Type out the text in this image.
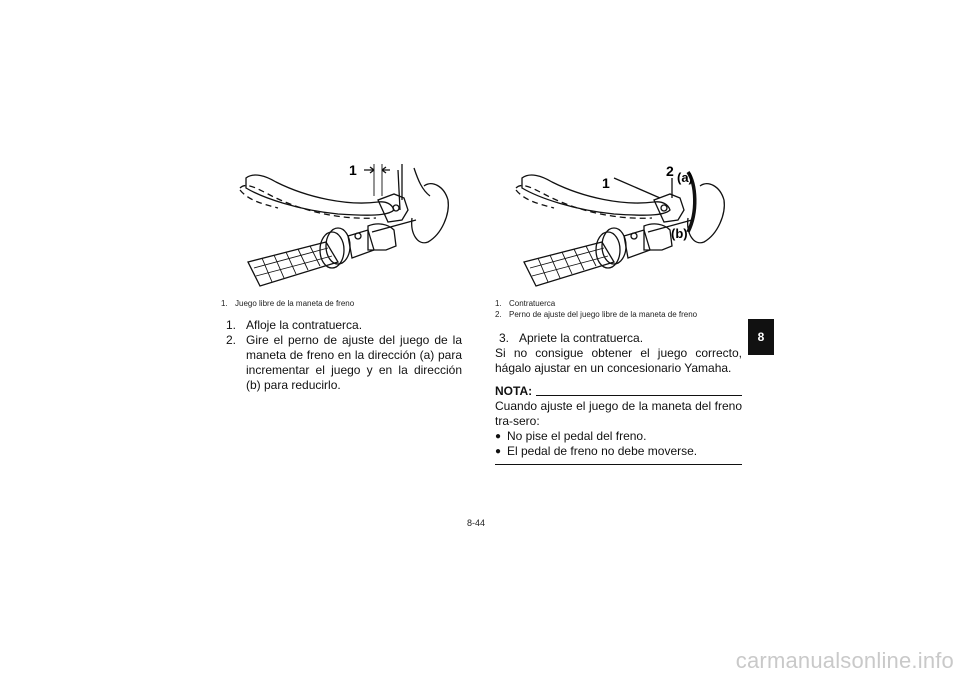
1
1. Juego libre de la maneta de freno
1. Afloje la contratuerca.
2. Gire el perno de ajuste del juego de la maneta de freno en la dirección (a) para incrementar el juego y en la dirección (b) para reducirlo.
1
2 (a)
(b)
1. Contratuerca
2. Perno de ajuste del juego libre de la maneta de freno
3. Apriete la contratuerca.
Si no consigue obtener el juego correcto, hágalo ajustar en un concesionario Yamaha.
NOTA:
Cuando ajuste el juego de la maneta del freno tra-sero:
● No pise el pedal del freno.
● El pedal de freno no debe moverse.
8
8-44
carmanualsonline.info
